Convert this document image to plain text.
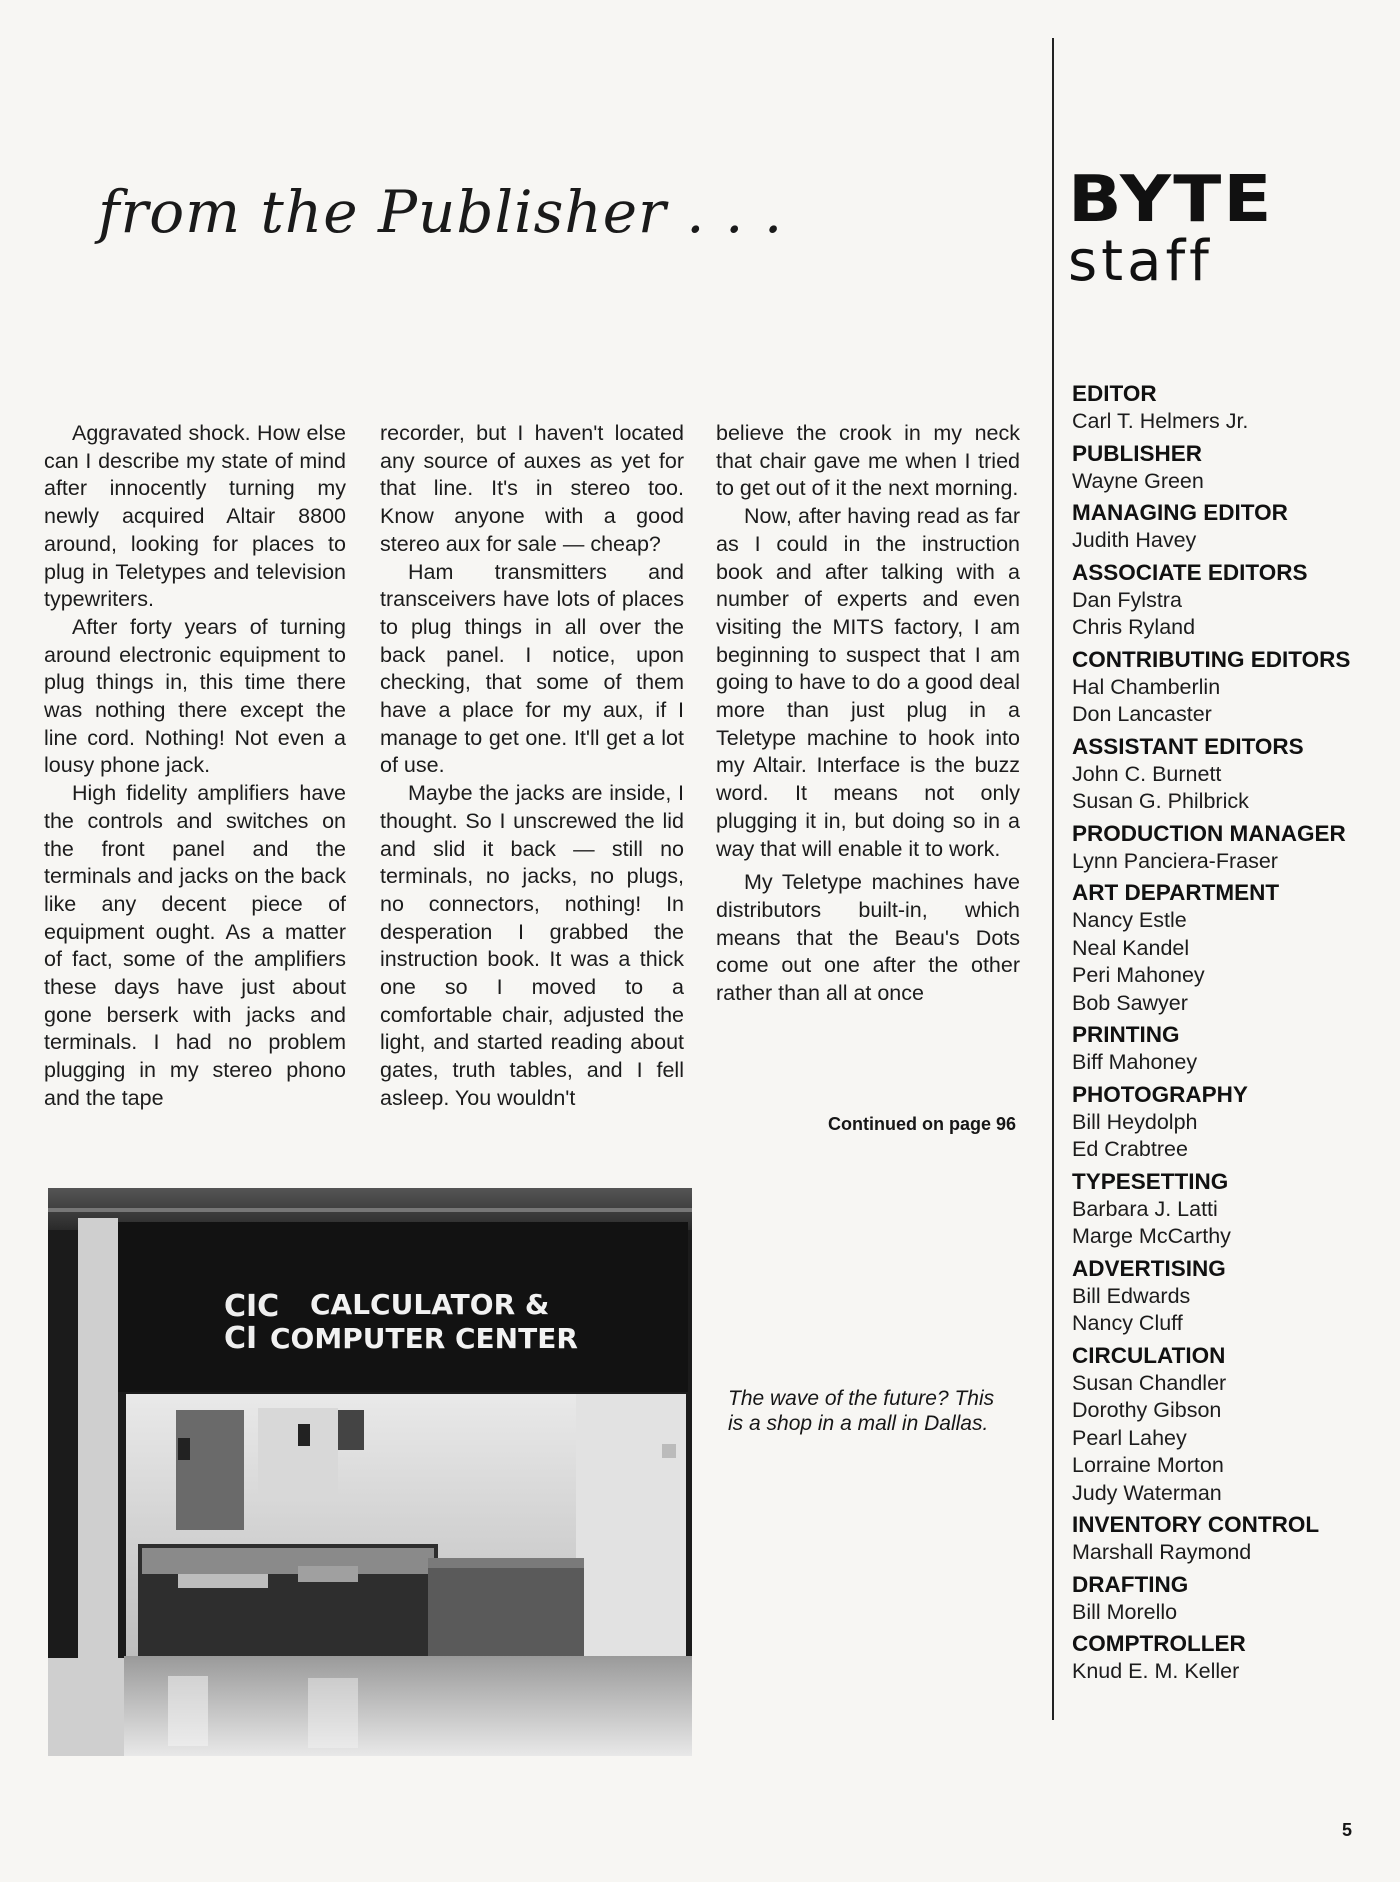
from the Publisher . . .	BYTE
staff

Aggravated shock. How else can I describe my state of mind after innocently turning my newly acquired Altair 8800 around, looking for places to plug in Teletypes and television typewriters.

After forty years of turning around electronic equipment to plug things in, this time there was nothing there except the line cord. Nothing! Not even a lousy phone jack.

High fidelity amplifiers have the controls and switches on the front panel and the terminals and jacks on the back like any decent piece of equipment ought. As a matter of fact, some of the amplifiers these days have just about gone berserk with jacks and terminals. I had no problem plugging in my stereo phono and the tape

recorder, but I haven't located any source of auxes as yet for that line. It's in stereo too. Know anyone with a good stereo aux for sale — cheap?

Ham transmitters and transceivers have lots of places to plug things in all over the back panel. I notice, upon checking, that some of them have a place for my aux, if I manage to get one. It'll get a lot of use.

Maybe the jacks are inside, I thought. So I unscrewed the lid and slid it back — still no terminals, no jacks, no plugs, no connectors, nothing! In desperation I grabbed the instruction book. It was a thick one so I moved to a comfortable chair, adjusted the light, and started reading about gates, truth tables, and I fell asleep. You wouldn't

believe the crook in my neck that chair gave me when I tried to get out of it the next morning.

Now, after having read as far as I could in the instruction book and after talking with a number of experts and even visiting the MITS factory, I am beginning to suspect that I am going to have to do a good deal more than just plug in a Teletype machine to hook into my Altair. Interface is the buzz word. It means not only plugging it in, but doing so in a way that will enable it to work.

My Teletype machines have distributors built-in, which means that the Beau's Dots come out one after the other rather than all at once

Continued on page 96
CIC
CI
CALCULATOR &
COMPUTER CENTER
The wave of the future? This is a shop in a mall in Dallas.
EDITOR
Carl T. Helmers Jr.
PUBLISHER
Wayne Green
MANAGING EDITOR
Judith Havey
ASSOCIATE EDITORS
Dan Fylstra
Chris Ryland
CONTRIBUTING EDITORS
Hal Chamberlin
Don Lancaster
ASSISTANT EDITORS
John C. Burnett
Susan G. Philbrick
PRODUCTION MANAGER
Lynn Panciera-Fraser
ART DEPARTMENT
Nancy Estle
Neal Kandel
Peri Mahoney
Bob Sawyer
PRINTING
Biff Mahoney
PHOTOGRAPHY
Bill Heydolph
Ed Crabtree
TYPESETTING
Barbara J. Latti
Marge McCarthy
ADVERTISING
Bill Edwards
Nancy Cluff
CIRCULATION
Susan Chandler
Dorothy Gibson
Pearl Lahey
Lorraine Morton
Judy Waterman
INVENTORY CONTROL
Marshall Raymond
DRAFTING
Bill Morello
COMPTROLLER
Knud E. M. Keller
5
